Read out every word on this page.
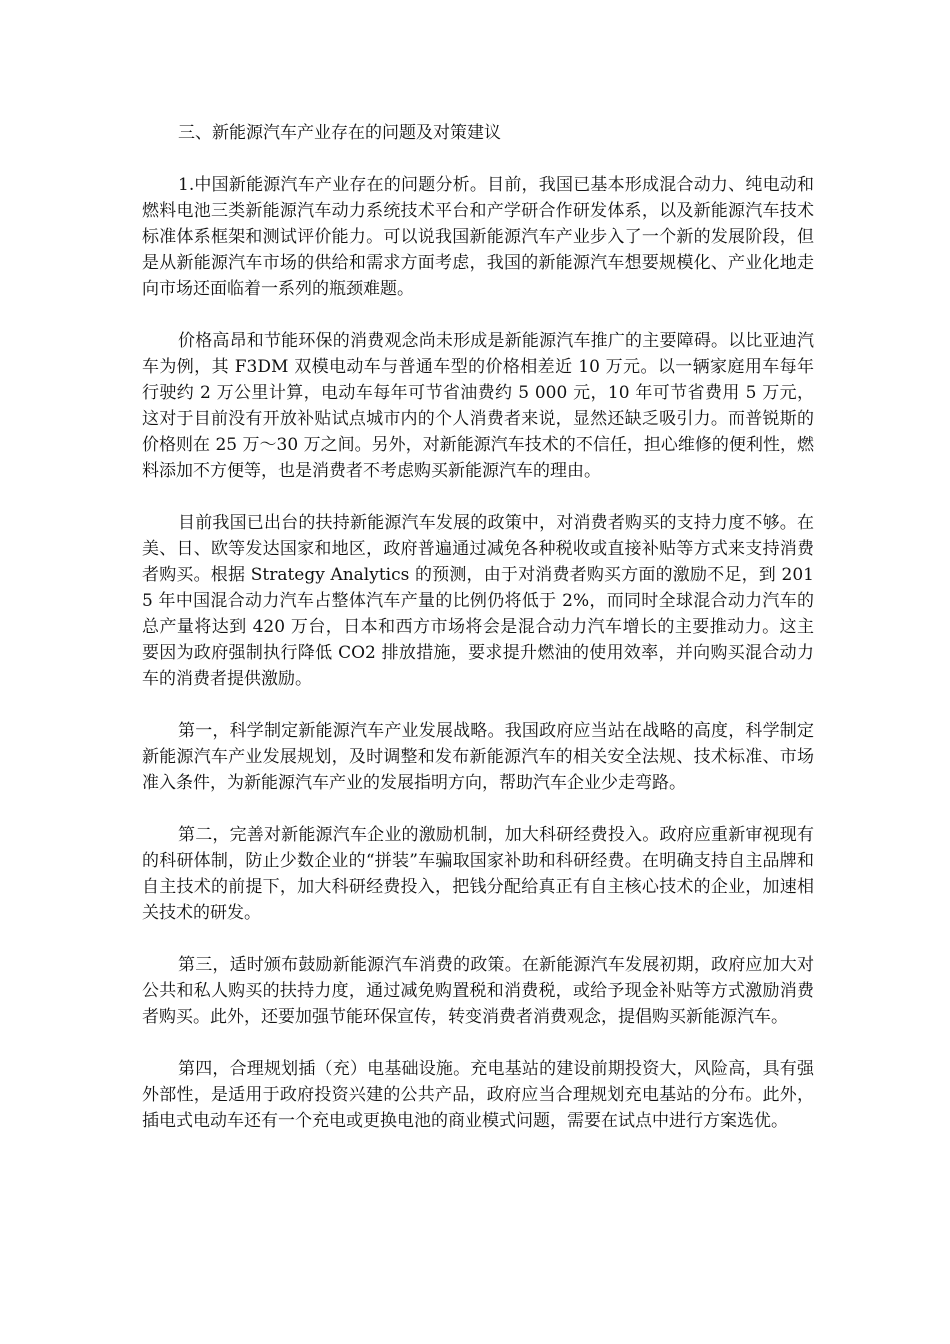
三、新能源汽车产业存在的问题及对策建议

1.中国新能源汽车产业存在的问题分析。目前，我国已基本形成混合动力、纯电动和燃料电池三类新能源汽车动力系统技术平台和产学研合作研发体系，以及新能源汽车技术标准体系框架和测试评价能力。可以说我国新能源汽车产业步入了一个新的发展阶段，但是从新能源汽车市场的供给和需求方面考虑，我国的新能源汽车想要规模化、产业化地走向市场还面临着一系列的瓶颈难题。

价格高昂和节能环保的消费观念尚未形成是新能源汽车推广的主要障碍。以比亚迪汽车为例，其 F3DM 双模电动车与普通车型的价格相差近 10 万元。以一辆家庭用车每年行驶约 2 万公里计算，电动车每年可节省油费约 5 000 元，10 年可节省费用 5 万元，这对于目前没有开放补贴试点城市内的个人消费者来说，显然还缺乏吸引力。而普锐斯的价格则在 25 万～30 万之间。另外，对新能源汽车技术的不信任，担心维修的便利性，燃料添加不方便等，也是消费者不考虑购买新能源汽车的理由。

目前我国已出台的扶持新能源汽车发展的政策中，对消费者购买的支持力度不够。在美、日、欧等发达国家和地区，政府普遍通过减免各种税收或直接补贴等方式来支持消费者购买。根据 Strategy Analytics 的预测，由于对消费者购买方面的激励不足，到 2015 年中国混合动力汽车占整体汽车产量的比例仍将低于 2%，而同时全球混合动力汽车的总产量将达到 420 万台，日本和西方市场将会是混合动力汽车增长的主要推动力。这主要因为政府强制执行降低 CO2 排放措施，要求提升燃油的使用效率，并向购买混合动力车的消费者提供激励。

第一，科学制定新能源汽车产业发展战略。我国政府应当站在战略的高度，科学制定新能源汽车产业发展规划，及时调整和发布新能源汽车的相关安全法规、技术标准、市场准入条件，为新能源汽车产业的发展指明方向，帮助汽车企业少走弯路。

第二，完善对新能源汽车企业的激励机制，加大科研经费投入。政府应重新审视现有的科研体制，防止少数企业的“拼装”车骗取国家补助和科研经费。在明确支持自主品牌和自主技术的前提下，加大科研经费投入，把钱分配给真正有自主核心技术的企业，加速相关技术的研发。

第三，适时颁布鼓励新能源汽车消费的政策。在新能源汽车发展初期，政府应加大对公共和私人购买的扶持力度，通过减免购置税和消费税，或给予现金补贴等方式激励消费者购买。此外，还要加强节能环保宣传，转变消费者消费观念，提倡购买新能源汽车。

第四，合理规划插（充）电基础设施。充电基站的建设前期投资大，风险高，具有强外部性，是适用于政府投资兴建的公共产品，政府应当合理规划充电基站的分布。此外，插电式电动车还有一个充电或更换电池的商业模式问题，需要在试点中进行方案选优。
